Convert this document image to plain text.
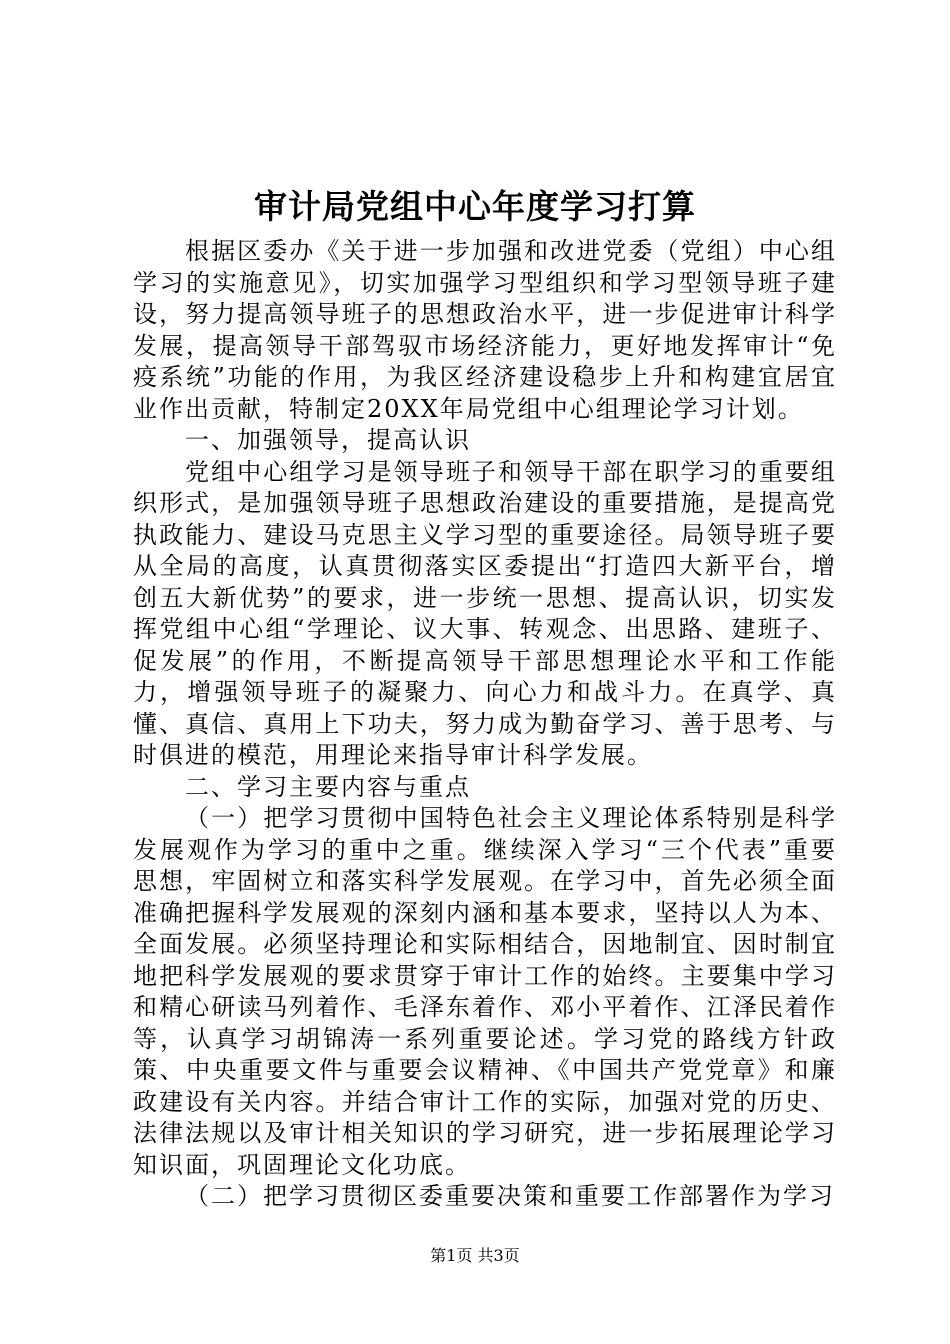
审计局党组中心年度学习打算

根据区委办《关于进一步加强和改进党委（党组）中心组学习的实施意见》，切实加强学习型组织和学习型领导班子建设，努力提高领导班子的思想政治水平，进一步促进审计科学发展，提高领导干部驾驭市场经济能力，更好地发挥审计“免疫系统”功能的作用，为我区经济建设稳步上升和构建宜居宜业作出贡献，特制定20XX年局党组中心组理论学习计划。

一、加强领导，提高认识

党组中心组学习是领导班子和领导干部在职学习的重要组织形式，是加强领导班子思想政治建设的重要措施，是提高党执政能力、建设马克思主义学习型的重要途径。局领导班子要从全局的高度，认真贯彻落实区委提出“打造四大新平台，增创五大新优势”的要求，进一步统一思想、提高认识，切实发挥党组中心组“学理论、议大事、转观念、出思路、建班子、促发展”的作用，不断提高领导干部思想理论水平和工作能力，增强领导班子的凝聚力、向心力和战斗力。在真学、真懂、真信、真用上下功夫，努力成为勤奋学习、善于思考、与时俱进的模范，用理论来指导审计科学发展。

二、学习主要内容与重点

（一）把学习贯彻中国特色社会主义理论体系特别是科学发展观作为学习的重中之重。继续深入学习“三个代表”重要思想，牢固树立和落实科学发展观。在学习中，首先必须全面准确把握科学发展观的深刻内涵和基本要求，坚持以人为本、全面发展。必须坚持理论和实际相结合，因地制宜、因时制宜地把科学发展观的要求贯穿于审计工作的始终。主要集中学习和精心研读马列着作、毛泽东着作、邓小平着作、江泽民着作等，认真学习胡锦涛一系列重要论述。学习党的路线方针政策、中央重要文件与重要会议精神、《中国共产党党章》和廉政建设有关内容。并结合审计工作的实际，加强对党的历史、法律法规以及审计相关知识的学习研究，进一步拓展理论学习知识面，巩固理论文化功底。

（二）把学习贯彻区委重要决策和重要工作部署作为学习

第1页 共3页
